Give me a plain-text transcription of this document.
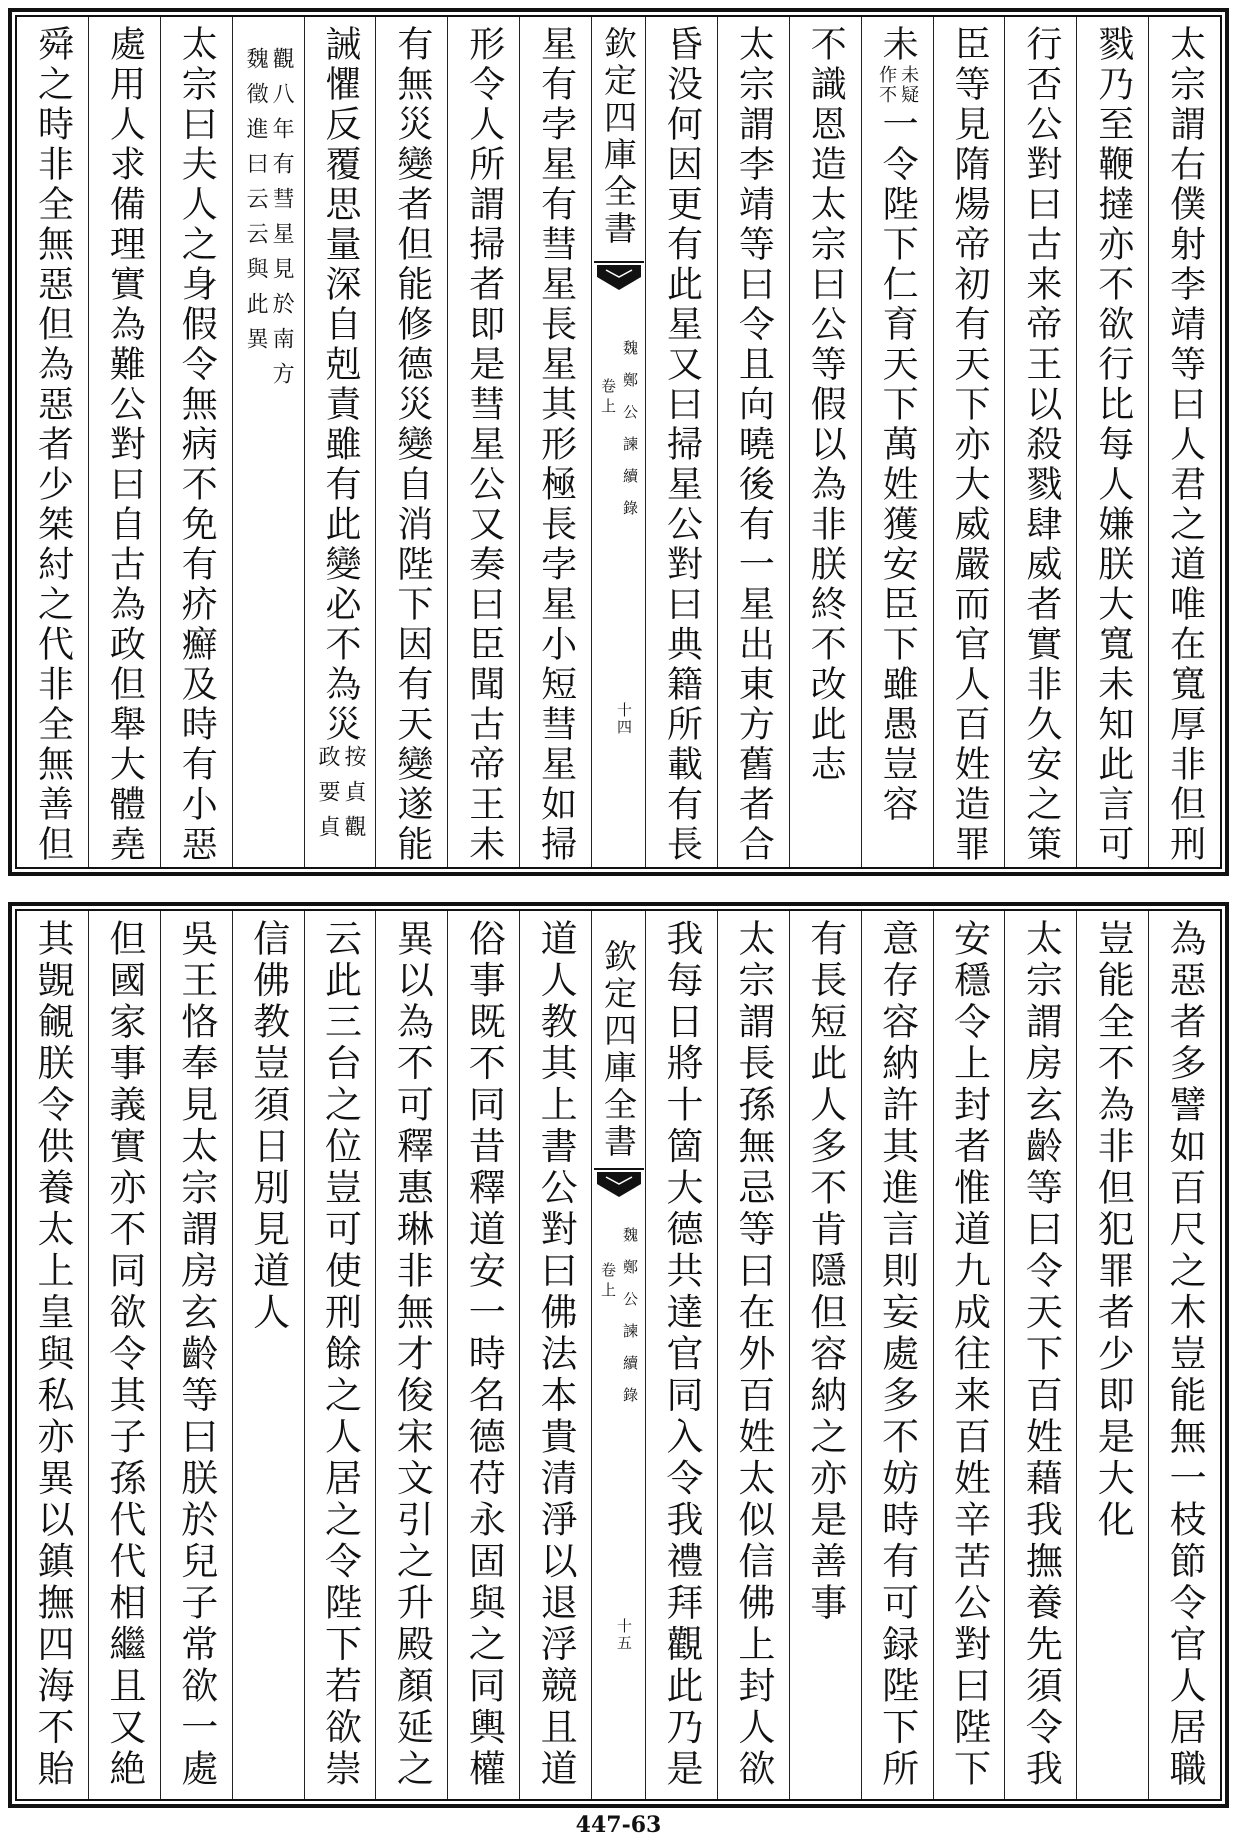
太宗謂右僕射李靖等曰人君之道唯在寬厚非但刑
戮乃至鞭撻亦不欲行比每人嫌朕大寬未知此言可
行否公對曰古来帝王以殺戮肆威者實非久安之䇿
臣等見隋煬帝初有天下亦大威嚴而官人百姓造罪
未
未疑
作不
一令陛下仁育天下萬姓獲安臣下雖愚豈容
不識恩造太宗曰公等假以為非朕終不改此志
太宗謂李靖等曰令且向曉後有一星出東方舊者合
昏没何因更有此星又曰掃星公對曰典籍所載有長
欽定四庫全書
魏鄭公諫續錄
卷上
十四
星有孛星有彗星長星其形極長孛星小短彗星如掃
形令人所謂掃者即是彗星公又奏曰臣聞古帝王未
有無災變者但能修德災變自消陛下因有天變遂能
誡懼反覆思量深自剋責雖有此變必不為災
按貞觀
政要貞
觀八年有彗星見於南方
魏徵進曰云云與此異
太宗曰夫人之身假令無病不免有疥癬及時有小惡
處用人求備理實為難公對曰自古為政但舉大體堯
舜之時非全無惡但為惡者少桀紂之代非全無善但
為惡者多譬如百尺之木豈能無一枝節令官人居職
豈能全不為非但犯罪者少即是大化
太宗謂房玄齡等曰令天下百姓藉我撫養先須令我
安穩令上封者惟道九成往来百姓辛苦公對曰陛下
意存容納許其進言則妄處多不妨時有可録陛下所
有長短此人多不肯隱但容納之亦是善事
太宗謂長孫無忌等曰在外百姓太似信佛上封人欲
我每日將十箇大德共達官同入令我禮拜觀此乃是
欽定四庫全書
魏鄭公諫續錄
卷上
十五
道人教其上書公對曰佛法本貴清淨以退浮競且道
俗事既不同昔釋道安一時名德苻永固與之同輿權
異以為不可釋惠琳非無才俊宋文引之升殿顏延之
云此三台之位豈可使刑餘之人居之令陛下若欲崇
信佛教豈須日別見道人
吳王恪奉見太宗謂房玄齡等曰朕於兒子常欲一處
但國家事義實亦不同欲令其子孫代代相繼且又絶
其覬覦朕令供養太上皇與私亦異以鎮撫四海不貽
447-63
